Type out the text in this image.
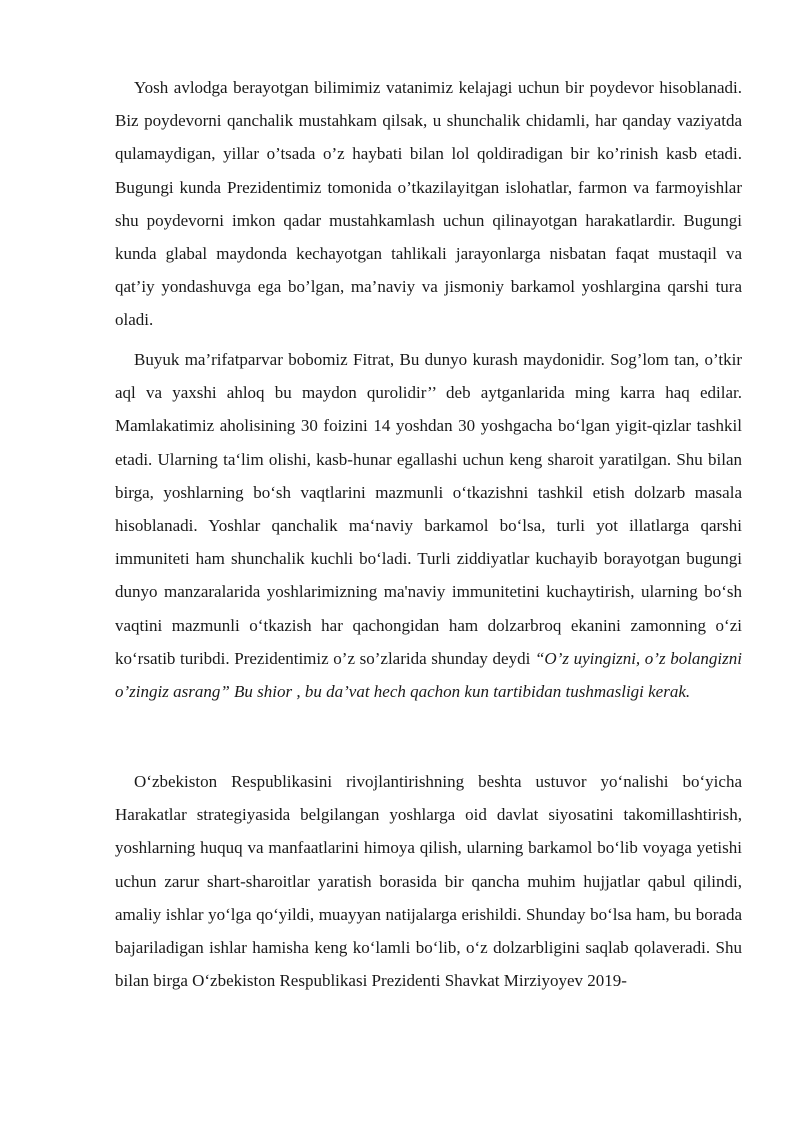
Yosh avlodga berayotgan bilimimiz vatanimiz kelajagi uchun bir poydevor hisoblanadi. Biz poydevorni qanchalik mustahkam qilsak, u shunchalik chidamli, har qanday vaziyatda qulamaydigan, yillar o’tsada o’z haybati bilan lol qoldiradigan bir ko’rinish kasb etadi. Bugungi kunda Prezidentimiz tomonida o’tkazilayitgan islohatlar, farmon va farmoyishlar shu poydevorni imkon qadar mustahkamlash uchun qilinayotgan harakatlardir. Bugungi kunda glabal maydonda kechayotgan tahlikali jarayonlarga nisbatan faqat mustaqil va qat’iy yondashuvga ega bo’lgan, ma’naviy va jismoniy barkamol yoshlargina qarshi tura oladi.

Buyuk ma’rifatparvar bobomiz Fitrat, Bu dunyo kurash maydonidir. Sog’lom tan, o’tkir aql va yaxshi ahloq bu maydon qurolidir’’ deb aytganlarida ming karra haq edilar. Mamlakatimiz aholisining 30 foizini 14 yoshdan 30 yoshgacha bo‘lgan yigit-qizlar tashkil etadi. Ularning ta‘lim olishi, kasb-hunar egallashi uchun keng sharoit yaratilgan. Shu bilan birga, yoshlarning bo‘sh vaqtlarini mazmunli o‘tkazishni tashkil etish dolzarb masala hisoblanadi. Yoshlar qanchalik ma‘naviy barkamol bo‘lsa, turli yot illatlarga qarshi immuniteti ham shunchalik kuchli bo‘ladi. Turli ziddiyatlar kuchayib borayotgan bugungi dunyo manzaralarida yoshlarimizning ma'naviy immunitetini kuchaytirish, ularning bo‘sh vaqtini mazmunli o‘tkazish har qachongidan ham dolzarbroq ekanini zamonning o‘zi ko‘rsatib turibdi. Prezidentimiz o’z so’zlarida shunday deydi “O’z uyingizni, o’z bolangizni o’zingiz asrang” Bu shior , bu da’vat hech qachon kun tartibidan tushmasligi kerak.

O‘zbekiston Respublikasini rivojlantirishning beshta ustuvor yo‘nalishi bo‘yicha Harakatlar strategiyasida belgilangan yoshlarga oid davlat siyosatini takomillashtirish, yoshlarning huquq va manfaatlarini himoya qilish, ularning barkamol bo‘lib voyaga yetishi uchun zarur shart-sharoitlar yaratish borasida bir qancha muhim hujjatlar qabul qilindi, amaliy ishlar yo‘lga qo‘yildi, muayyan natijalarga erishildi. Shunday bo‘lsa ham, bu borada bajariladigan ishlar hamisha keng ko‘lamli bo‘lib, o‘z dolzarbligini saqlab qolaveradi. Shu bilan birga O‘zbekiston Respublikasi Prezidenti Shavkat Mirziyoyev 2019-
